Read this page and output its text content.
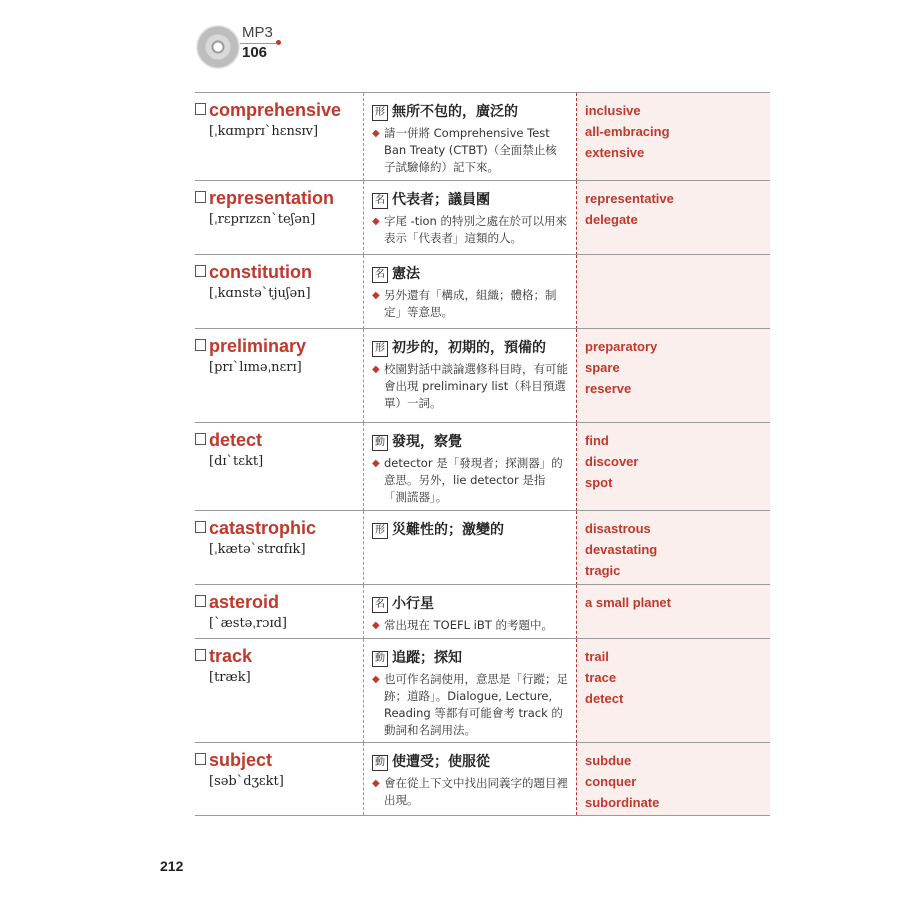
MP3
106
comprehensive
[ˌkɑmprɪ`hɛnsɪv]
形 無所不包的，廣泛的
◆ 請一併將 Comprehensive Test Ban Treaty (CTBT)（全面禁止核子試驗條約）記下來。
inclusive
all-embracing
extensive
representation
[ˌrɛprɪzɛn`teʃən]
名 代表者；議員團
◆ 字尾 -tion 的特別之處在於可以用來表示「代表者」這類的人。
representative
delegate
constitution
[ˌkɑnstə`tjuʃən]
名 憲法
◆ 另外還有「構成，組織；體格；制定」等意思。
preliminary
[prɪ`lɪməˌnɛrɪ]
形 初步的，初期的，預備的
◆ 校園對話中談論選修科目時，有可能會出現 preliminary list（科目預選單）一詞。
preparatory
spare
reserve
detect
[dɪ`tɛkt]
動 發現，察覺
◆ detector 是「發現者；探測器」的意思。另外，lie detector 是指「測謊器」。
find
discover
spot
catastrophic
[ˌkætə`strɑfɪk]
形 災難性的；激變的	disastrous
devastating
tragic
asteroid
[`æstəˌrɔɪd]
名 小行星
◆ 常出現在 TOEFL iBT 的考題中。
a small planet
track
[træk]
動 追蹤；探知
◆ 也可作名詞使用，意思是「行蹤；足跡；道路」。Dialogue, Lecture, Reading 等都有可能會考 track 的動詞和名詞用法。
trail
trace
detect
subject
[səb`dʒɛkt]
動 使遭受；使服從
◆ 會在從上下文中找出同義字的題目裡出現。
subdue
conquer
subordinate
212
